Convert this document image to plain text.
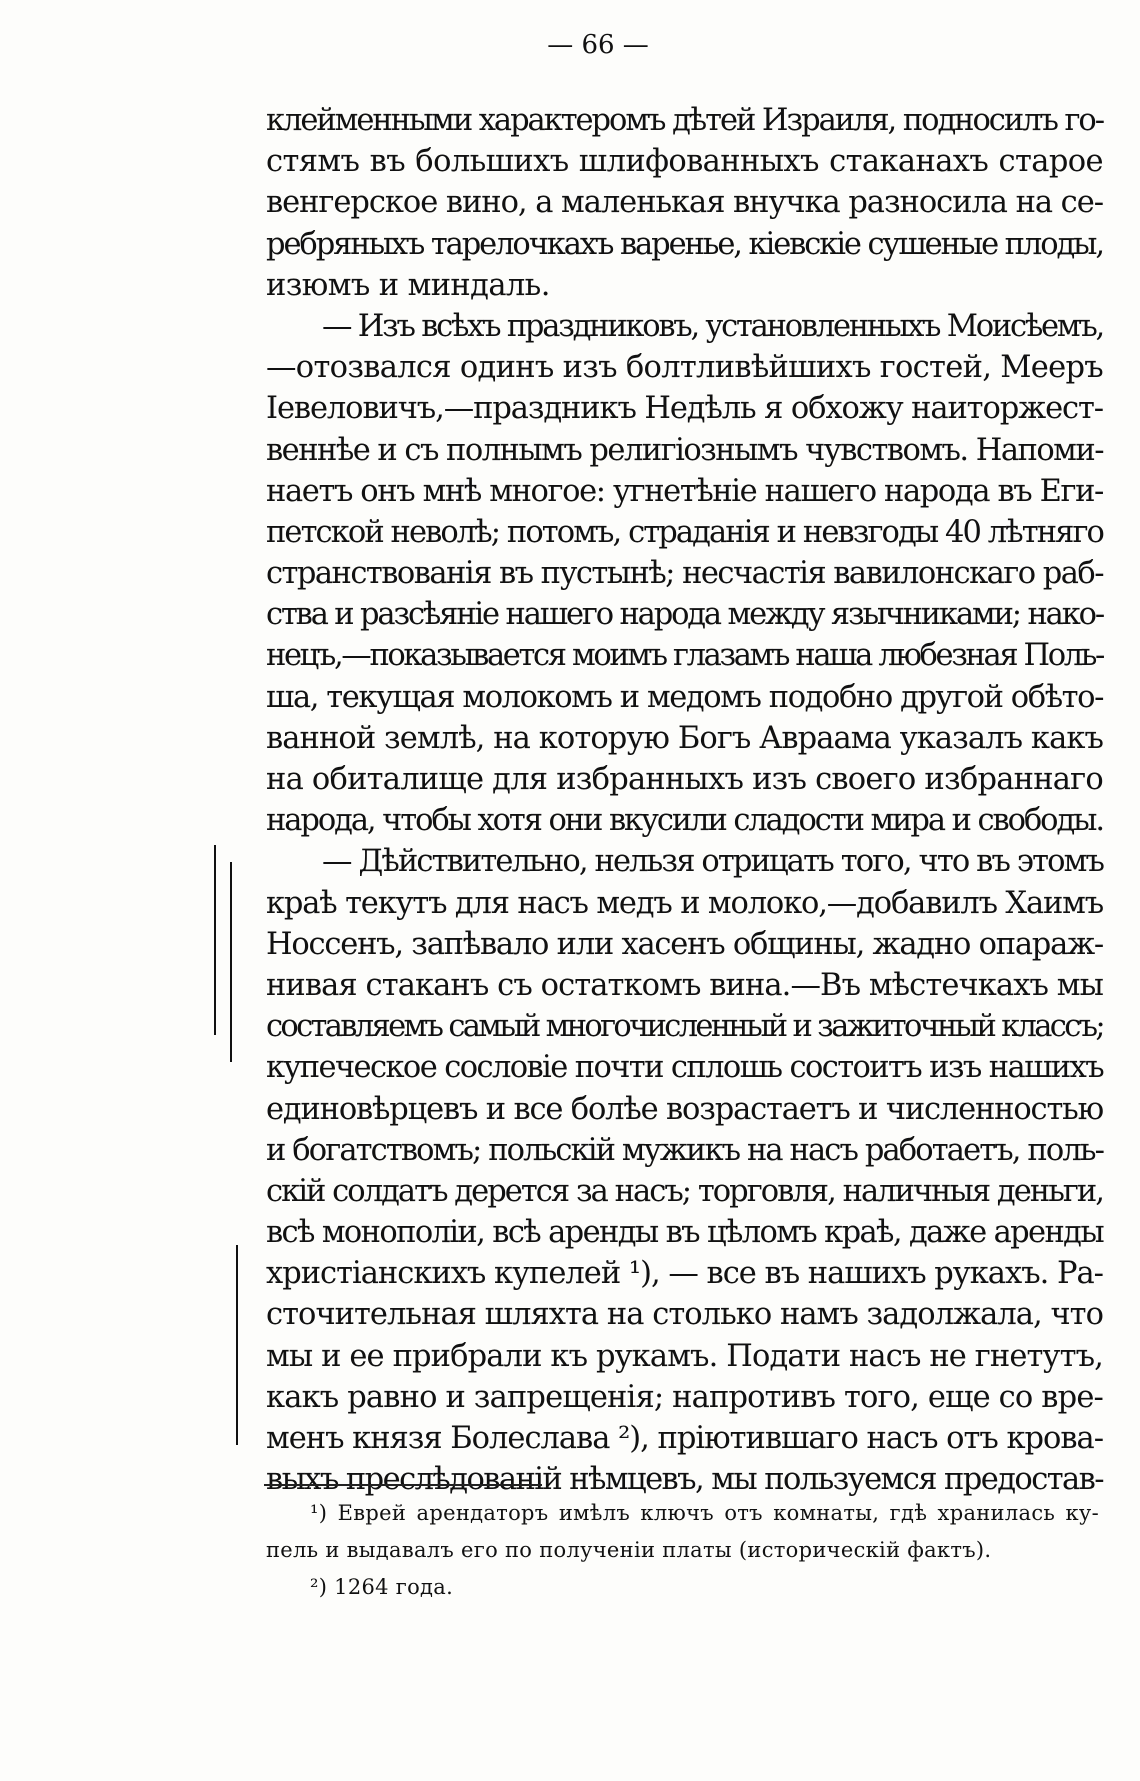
— 66 —
клейменными характеромъ дѣтей Израиля, подносилъ го-
стямъ въ большихъ шлифованныхъ стаканахъ старое
венгерское вино, а маленькая внучка разносила на се-
ребряныхъ тарелочкахъ варенье, кіевскіе сушеные плоды,
изюмъ и миндаль.
— Изъ всѣхъ праздниковъ, установленныхъ Моисѣемъ,
—отозвался одинъ изъ болтливѣйшихъ гостей, Мееръ
Іевеловичъ,—праздникъ Недѣль я обхожу наиторжест-
веннѣе и съ полнымъ религіознымъ чувствомъ. Напоми-
наетъ онъ мнѣ многое: угнетѣніе нашего народа въ Еги-
петской неволѣ; потомъ, страданія и невзгоды 40 лѣтняго
странствованія въ пустынѣ; несчастія вавилонскаго раб-
ства и разсѣяніе нашего народа между язычниками; нако-
нецъ,—показывается моимъ глазамъ наша любезная Поль-
ша, текущая молокомъ и медомъ подобно другой обѣто-
ванной землѣ, на которую Богъ Авраама указалъ какъ
на обиталище для избранныхъ изъ своего избраннаго
народа, чтобы хотя они вкусили сладости мира и свободы.
— Дѣйствительно, нельзя отрицать того, что въ этомъ
краѣ текутъ для насъ медъ и молоко,—добавилъ Хаимъ
Носсенъ, запѣвало или хасенъ общины, жадно опараж-
нивая стаканъ съ остаткомъ вина.—Въ мѣстечкахъ мы
составляемъ самый многочисленный и зажиточный классъ;
купеческое сословіе почти сплошь состоитъ изъ нашихъ
единовѣрцевъ и все болѣе возрастаетъ и численностью
и богатствомъ; польскій мужикъ на насъ работаетъ, поль-
скій солдатъ дерется за насъ; торговля, наличныя деньги,
всѣ монополіи, всѣ аренды въ цѣломъ краѣ, даже аренды
христіанскихъ купелей ¹), — все въ нашихъ рукахъ. Ра-
сточительная шляхта на столько намъ задолжала, что
мы и ее прибрали къ рукамъ. Подати насъ не гнетутъ,
какъ равно и запрещенія; напротивъ того, еще со вре-
менъ князя Болеслава ²), пріютившаго насъ отъ крова-
выхъ преслѣдованій нѣмцевъ, мы пользуемся предостав-
¹) Еврей арендаторъ имѣлъ ключъ отъ комнаты, гдѣ хранилась ку-
пель и выдавалъ его по полученіи платы (историческій фактъ).
²) 1264 года.
